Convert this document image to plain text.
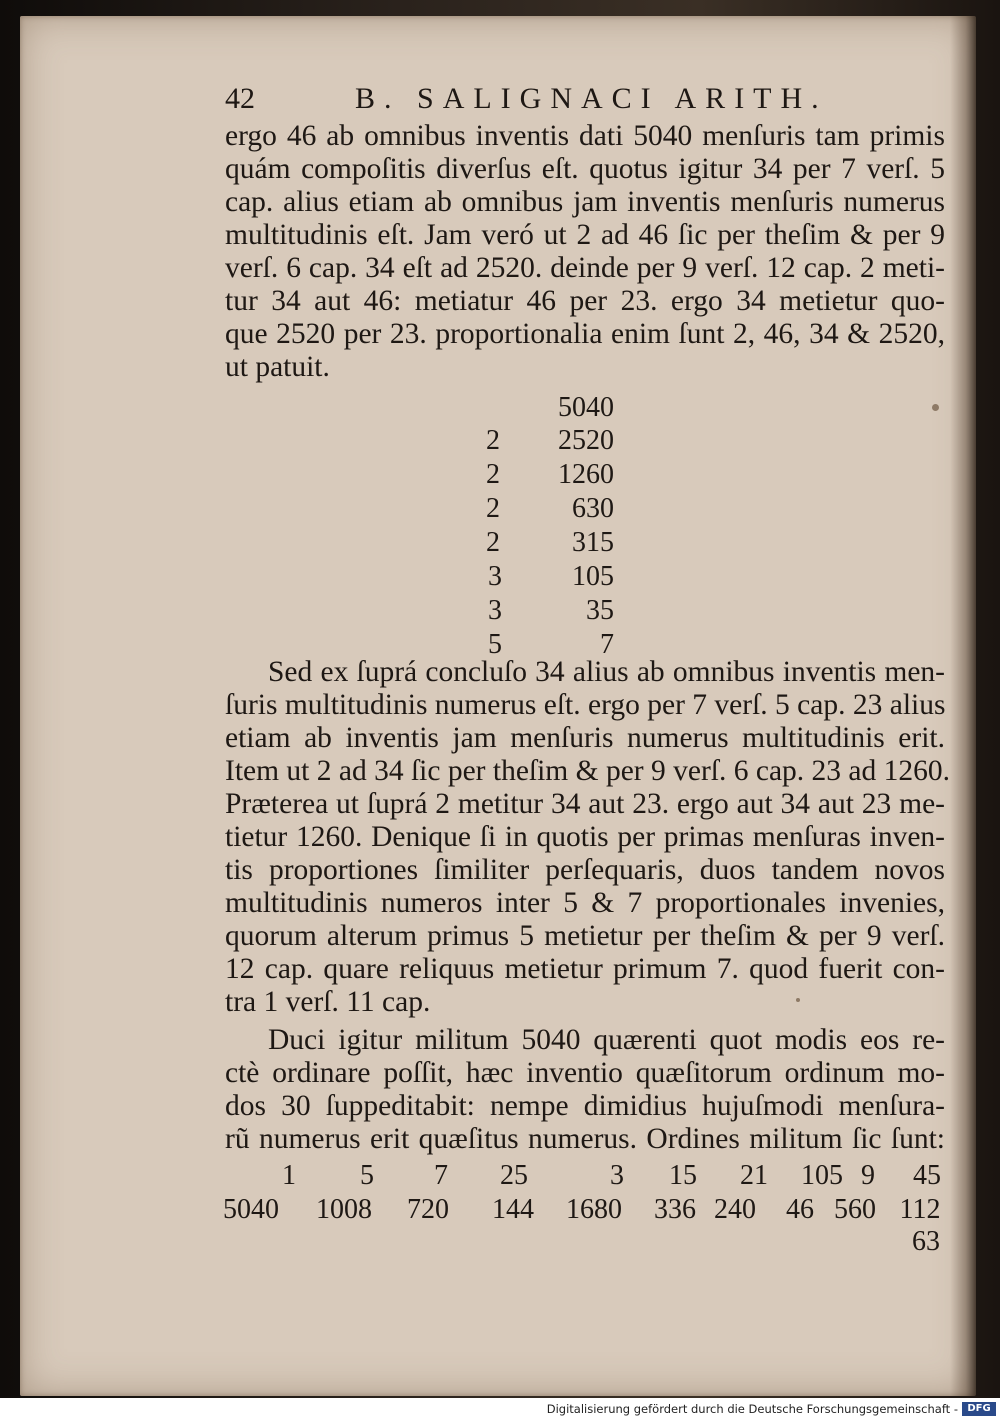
42	B. SALIGNACI ARITH.
ergo 46 ab omnibus inventis dati 5040 menſuris tam primis
quám compoſitis diverſus eſt. quotus igitur 34 per 7 verſ. 5
cap. alius etiam ab omnibus jam inventis menſuris numerus
multitudinis eſt. Jam veró ut 2 ad 46 ſic per theſim & per 9
verſ. 6 cap. 34 eſt ad 2520. deinde per 9 verſ. 12 cap. 2 meti-
tur 34 aut 46: metiatur 46 per 23. ergo 34 metietur quo-
que 2520 per 23. proportionalia enim ſunt 2, 46, 34 & 2520,
ut patuit.
5040
2 2520
2 1260
2	630
2	315
3	105
3	35
5	7
Sed ex ſuprá concluſo 34 alius ab omnibus inventis men-
ſuris multitudinis numerus eſt. ergo per 7 verſ. 5 cap. 23 alius
etiam ab inventis jam menſuris numerus multitudinis erit.
Item ut 2 ad 34 ſic per theſim & per 9 verſ. 6 cap. 23 ad 1260.
Præterea ut ſuprá 2 metitur 34 aut 23. ergo aut 34 aut 23 me-
tietur 1260. Denique ſi in quotis per primas menſuras inven-
tis proportiones ſimiliter perſequaris, duos tandem novos
multitudinis numeros inter 5 & 7 proportionales invenies,
quorum alterum primus 5 metietur per theſim & per 9 verſ.
12 cap. quare reliquus metietur primum 7. quod fuerit con-
tra 1 verſ. 11 cap.
Duci igitur militum 5040 quærenti quot modis eos re-
ctè ordinare poſſit, hæc inventio quæſitorum ordinum mo-
dos 30 ſuppeditabit: nempe dimidius hujuſmodi menſura-
rũ numerus erit quæſitus numerus. Ordines militum ſic ſunt:
1 5 7 25	3 15 21 105 9 45
5040 1008 720 144 1680 336 240 46 560 112
63
Digitalisierung gefördert durch die Deutsche Forschungsgemeinschaft - DFG
